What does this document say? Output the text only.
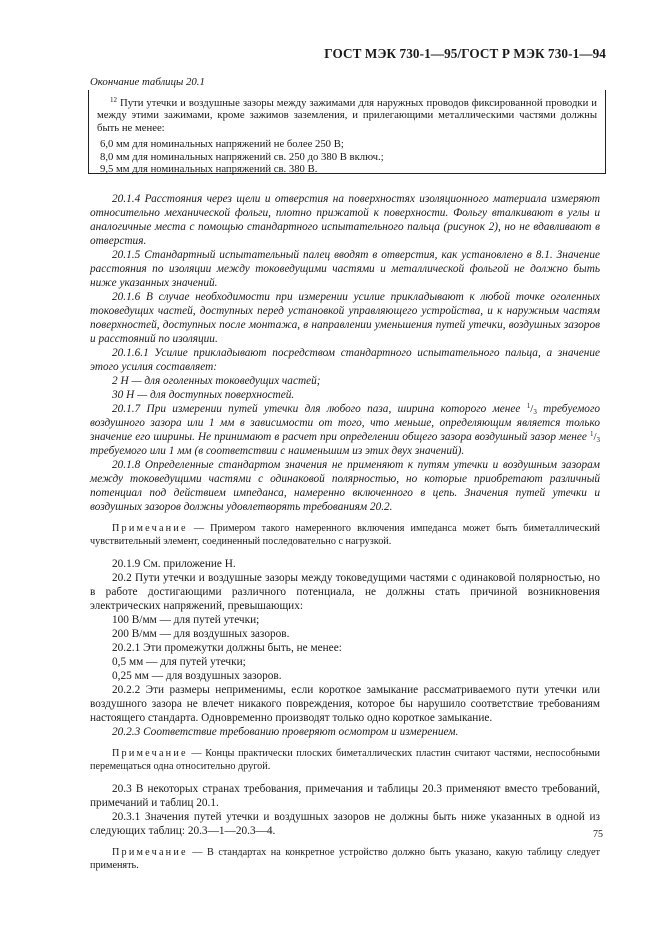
ГОСТ МЭК 730-1—95/ГОСТ Р МЭК 730-1—94
Окончание таблицы 20.1
$^{12}$ Пути утечки и воздушные зазоры между зажимами для наружных проводов фиксированной проводки и между этими зажимами, кроме зажимов заземления, и прилегающими металлическими частями должны быть не менее:
6,0 мм для номинальных напряжений не более 250 В;
8,0 мм для номинальных напряжений св. 250 до 380 В включ.;
9,5 мм для номинальных напряжений св. 380 В.
20.1.4 Расстояния через щели и отверстия на поверхностях изоляционного материала измеряют относительно механической фольги, плотно прижатой к поверхности. Фольгу вталкивают в углы и аналогичные места с помощью стандартного испытательного пальца (рисунок 2), но не вдавливают в отверстия.
20.1.5 Стандартный испытательный палец вводят в отверстия, как установлено в 8.1. Значение расстояния по изоляции между токоведущими частями и металлической фольгой не должно быть ниже указанных значений.
20.1.6 В случае необходимости при измерении усилие прикладывают к любой точке оголенных токоведущих частей, доступных перед установкой управляющего устройства, и к наружным частям поверхностей, доступных после монтажа, в направлении уменьшения путей утечки, воздушных зазоров и расстояний по изоляции.
20.1.6.1 Усилие прикладывают посредством стандартного испытательного пальца, а значение этого усилия составляет:
2 Н — для оголенных токоведущих частей;
30 Н — для доступных поверхностей.
20.1.7 При измерении путей утечки для любого паза, ширина которого менее $^1/_3$ требуемого воздушного зазора или 1 мм в зависимости от того, что меньше, определяющим является только значение его ширины. Не принимают в расчет при определении общего зазора воздушный зазор менее $^1/_3$ требуемого или 1 мм (в соответствии с наименьшим из этих двух значений).
20.1.8 Определенные стандартом значения не применяют к путям утечки и воздушным зазорам между токоведущими частями с одинаковой полярностью, но которые приобретают различный потенциал под действием импеданса, намеренно включенного в цепь. Значения путей утечки и воздушных зазоров должны удовлетворять требованиям 20.2.
Примечание — Примером такого намеренного включения импеданса может быть биметаллический чувствительный элемент, соединенный последовательно с нагрузкой.
20.1.9 См. приложение Н.
20.2 Пути утечки и воздушные зазоры между токоведущими частями с одинаковой полярностью, но в работе достигающими различного потенциала, не должны стать причиной возникновения электрических напряжений, превышающих:
100 В/мм — для путей утечки;
200 В/мм — для воздушных зазоров.
20.2.1 Эти промежутки должны быть, не менее:
0,5 мм — для путей утечки;
0,25 мм — для воздушных зазоров.
20.2.2 Эти размеры неприменимы, если короткое замыкание рассматриваемого пути утечки или воздушного зазора не влечет никакого повреждения, которое бы нарушило соответствие требованиям настоящего стандарта. Одновременно производят только одно короткое замыкание.
20.2.3 Соответствие требованию проверяют осмотром и измерением.
Примечание — Концы практически плоских биметаллических пластин считают частями, неспособными перемещаться одна относительно другой.
20.3 В некоторых странах требования, примечания и таблицы 20.3 применяют вместо требований, примечаний и таблиц 20.1.
20.3.1 Значения путей утечки и воздушных зазоров не должны быть ниже указанных в одной из следующих таблиц: 20.3—1—20.3—4.
Примечание — В стандартах на конкретное устройство должно быть указано, какую таблицу следует применять.
75
